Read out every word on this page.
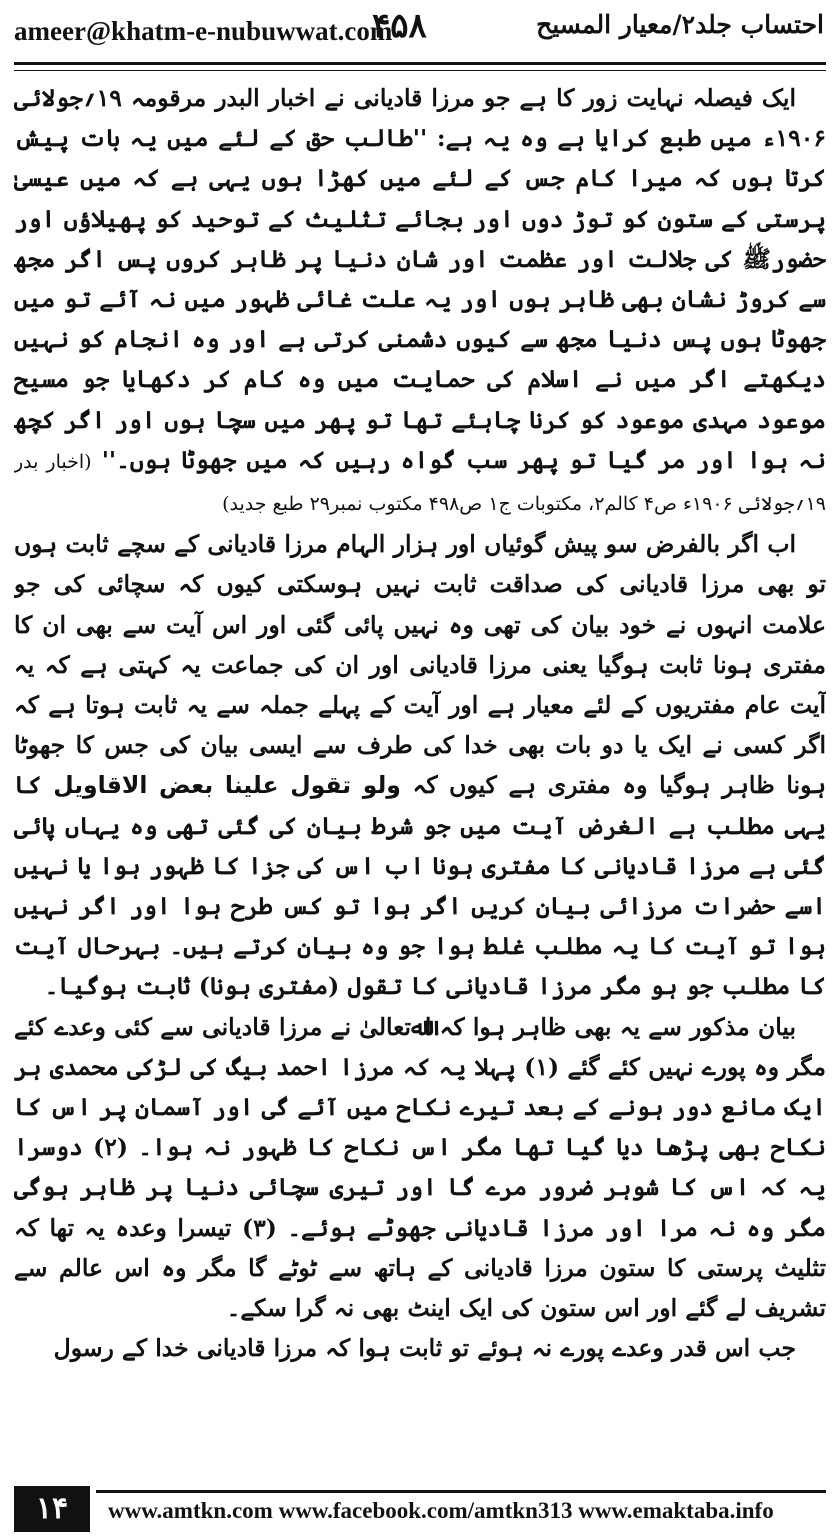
ameer@khatm-e-nubuwwat.com
۴۵۸	احتساب جلد۲/معیار المسیح

ایک فیصلہ نہایت زور کا ہے جو مرزا قادیانی نے اخبار البدر مرقومہ ۱۹؍جولائی ۱۹۰۶ء میں طبع کرایا ہے وہ یہ ہے: ''طالب حق کے لئے میں یہ بات پیش کرتا ہوں کہ میرا کام جس کے لئے میں کھڑا ہوں یہی ہے کہ میں عیسیٰ پرستی کے ستون کو توڑ دوں اور بجائے تثلیث کے توحید کو پھیلاؤں اور حضورﷺ کی جلالت اور عظمت اور شان دنیا پر ظاہر کروں پس اگر مجھ سے کروڑ نشان بھی ظاہر ہوں اور یہ علت غائی ظہور میں نہ آئے تو میں جھوٹا ہوں پس دنیا مجھ سے کیوں دشمنی کرتی ہے اور وہ انجام کو نہیں دیکھتے اگر میں نے اسلام کی حمایت میں وہ کام کر دکھایا جو مسیح موعود مہدی موعود کو کرنا چاہئے تھا تو پھر میں سچا ہوں اور اگر کچھ نہ ہوا اور مر گیا تو پھر سب گواہ رہیں کہ میں جھوٹا ہوں۔'' (اخبار بدر ۱۹؍جولائی ۱۹۰۶ء ص۴ کالم۲، مکتوبات ج۱ ص۴۹۸ مکتوب نمبر۲۹ طبع جدید)

اب اگر بالفرض سو پیش گوئیاں اور ہزار الہام مرزا قادیانی کے سچے ثابت ہوں تو بھی مرزا قادیانی کی صداقت ثابت نہیں ہوسکتی کیوں کہ سچائی کی جو علامت انہوں نے خود بیان کی تھی وہ نہیں پائی گئی اور اس آیت سے بھی ان کا مفتری ہونا ثابت ہوگیا یعنی مرزا قادیانی اور ان کی جماعت یہ کہتی ہے کہ یہ آیت عام مفتریوں کے لئے معیار ہے اور آیت کے پہلے جملہ سے یہ ثابت ہوتا ہے کہ اگر کسی نے ایک یا دو بات بھی خدا کی طرف سے ایسی بیان کی جس کا جھوٹا ہونا ظاہر ہوگیا وہ مفتری ہے کیوں کہ ولو تقول علینا بعض الاقاویل کا یہی مطلب ہے الغرض آیت میں جو شرط بیان کی گئی تھی وہ یہاں پائی گئی ہے مرزا قادیانی کا مفتری ہونا اب اس کی جزا کا ظہور ہوا یا نہیں اسے حضرات مرزائی بیان کریں اگر ہوا تو کس طرح ہوا اور اگر نہیں ہوا تو آیت کا یہ مطلب غلط ہوا جو وہ بیان کرتے ہیں۔ بہرحال آیت کا مطلب جو ہو مگر مرزا قادیانی کا تقول (مفتری ہونا) ثابت ہوگیا۔

بیان مذکور سے یہ بھی ظاہر ہوا کہ اﷲتعالیٰ نے مرزا قادیانی سے کئی وعدے کئے مگر وہ پورے نہیں کئے گئے (۱) پہلا یہ کہ مرزا احمد بیگ کی لڑکی محمدی ہر ایک مانع دور ہونے کے بعد تیرے نکاح میں آئے گی اور آسمان پر اس کا نکاح بھی پڑھا دیا گیا تھا مگر اس نکاح کا ظہور نہ ہوا۔ (۲) دوسرا یہ کہ اس کا شوہر ضرور مرے گا اور تیری سچائی دنیا پر ظاہر ہوگی مگر وہ نہ مرا اور مرزا قادیانی جھوٹے ہوئے۔ (۳) تیسرا وعدہ یہ تھا کہ تثلیث پرستی کا ستون مرزا قادیانی کے ہاتھ سے ٹوٹے گا مگر وہ اس عالم سے تشریف لے گئے اور اس ستون کی ایک اینٹ بھی نہ گرا سکے۔

جب اس قدر وعدے پورے نہ ہوئے تو ثابت ہوا کہ مرزا قادیانی خدا کے رسول

۱۴	www.amtkn.com www.facebook.com/amtkn313 www.emaktaba.info
